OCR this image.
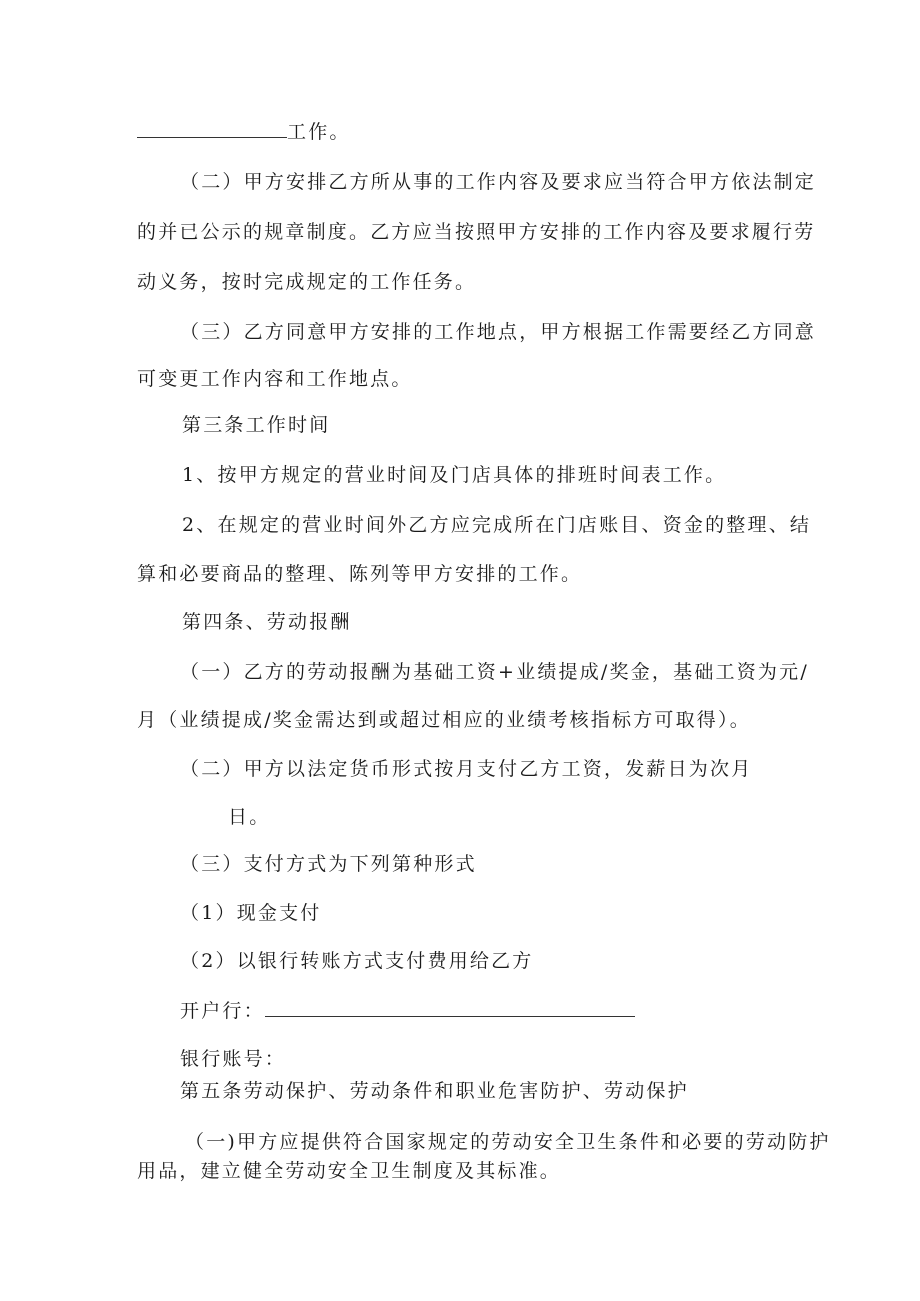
工作。
（二）甲方安排乙方所从事的工作内容及要求应当符合甲方依法制定
的并已公示的规章制度。乙方应当按照甲方安排的工作内容及要求履行劳
动义务，按时完成规定的工作任务。
（三）乙方同意甲方安排的工作地点，甲方根据工作需要经乙方同意
可变更工作内容和工作地点。
第三条工作时间
1、按甲方规定的营业时间及门店具体的排班时间表工作。
2、在规定的营业时间外乙方应完成所在门店账目、资金的整理、结
算和必要商品的整理、陈列等甲方安排的工作。
第四条、劳动报酬
（一）乙方的劳动报酬为基础工资+业绩提成/奖金，基础工资为元/
月（业绩提成/奖金需达到或超过相应的业绩考核指标方可取得）。
（二）甲方以法定货币形式按月支付乙方工资，发薪日为次月
日。
（三）支付方式为下列第种形式
（1）现金支付
（2）以银行转账方式支付费用给乙方
开户行：
银行账号：
第五条劳动保护、劳动条件和职业危害防护、劳动保护
（一)甲方应提供符合国家规定的劳动安全卫生条件和必要的劳动防护
用品，建立健全劳动安全卫生制度及其标准。
